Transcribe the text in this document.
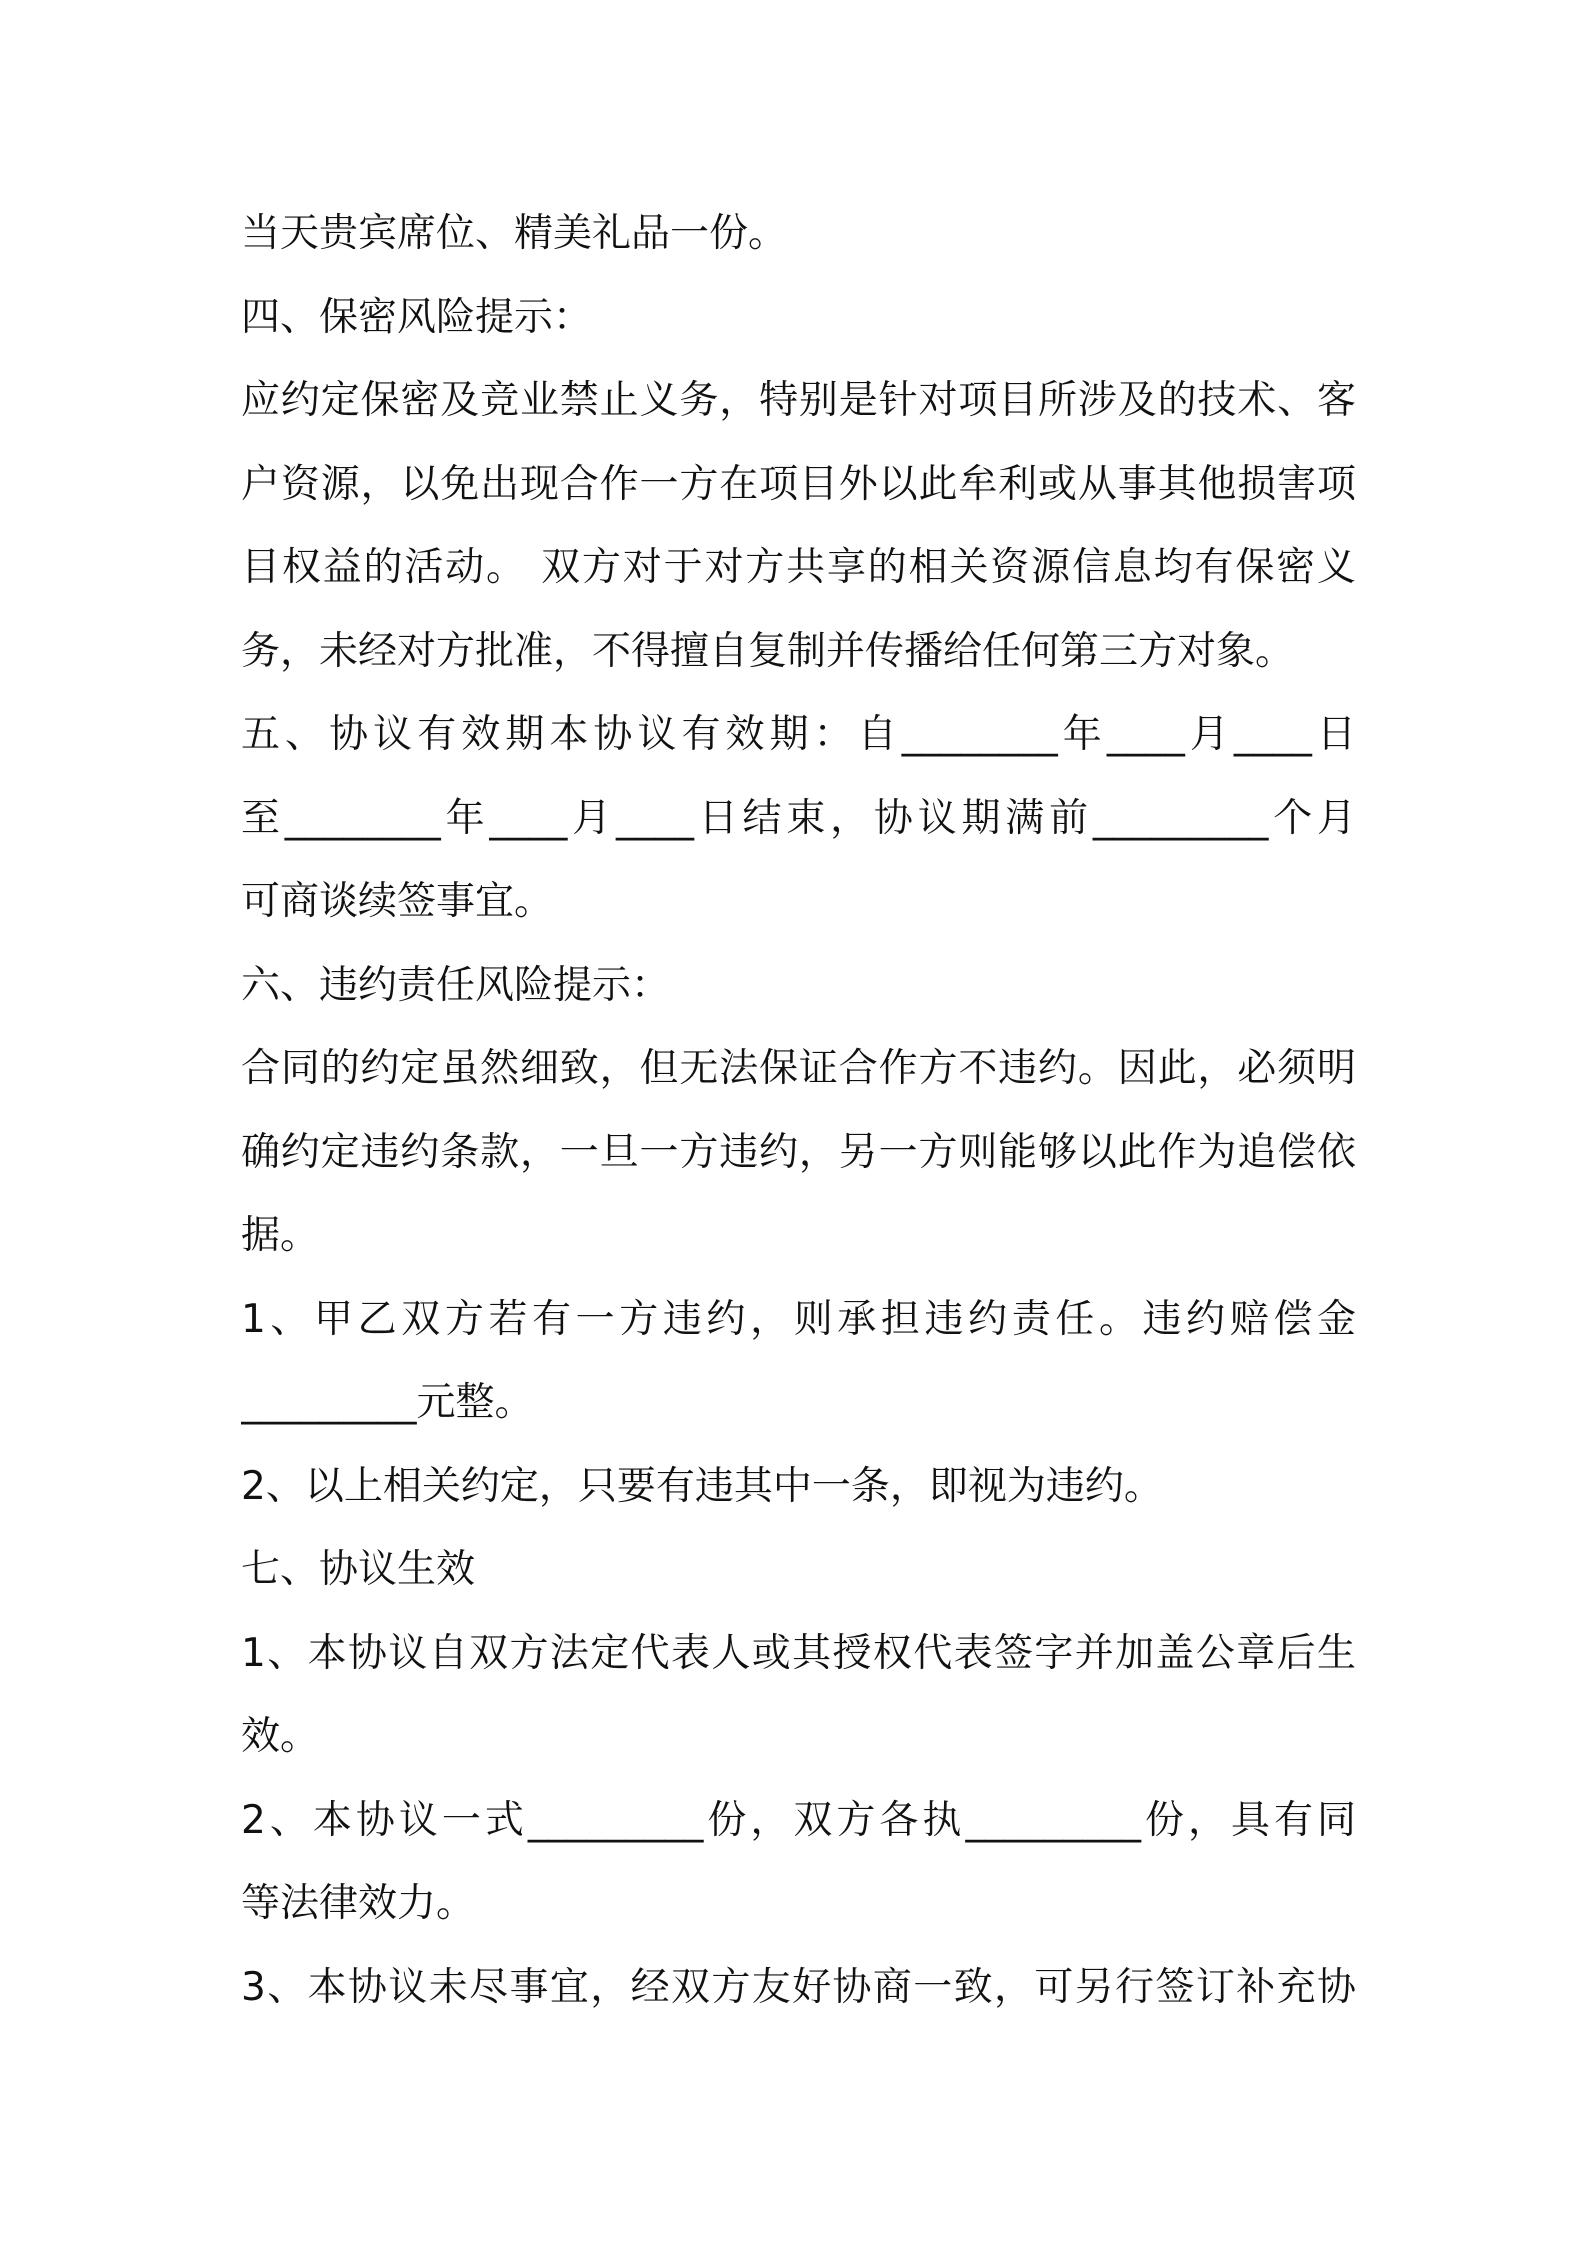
当天贵宾席位、精美礼品一份。
四、保密风险提示：
应约定保密及竞业禁止义务，特别是针对项目所涉及的技术、客
户资源，以免出现合作一方在项目外以此牟利或从事其他损害项
目权益的活动。 双方对于对方共享的相关资源信息均有保密义
务，未经对方批准，不得擅自复制并传播给任何第三方对象。
五、协议有效期本协议有效期：自________年____月____日
至________年____月____日结束，协议期满前_________个月
可商谈续签事宜。
六、违约责任风险提示：
合同的约定虽然细致，但无法保证合作方不违约。因此，必须明
确约定违约条款，一旦一方违约，另一方则能够以此作为追偿依
据。
1、甲乙双方若有一方违约，则承担违约责任。违约赔偿金
_________元整。
2、以上相关约定，只要有违其中一条，即视为违约。
七、协议生效
1、本协议自双方法定代表人或其授权代表签字并加盖公章后生
效。
2、本协议一式_________份，双方各执_________份，具有同
等法律效力。
3、本协议未尽事宜，经双方友好协商一致，可另行签订补充协
